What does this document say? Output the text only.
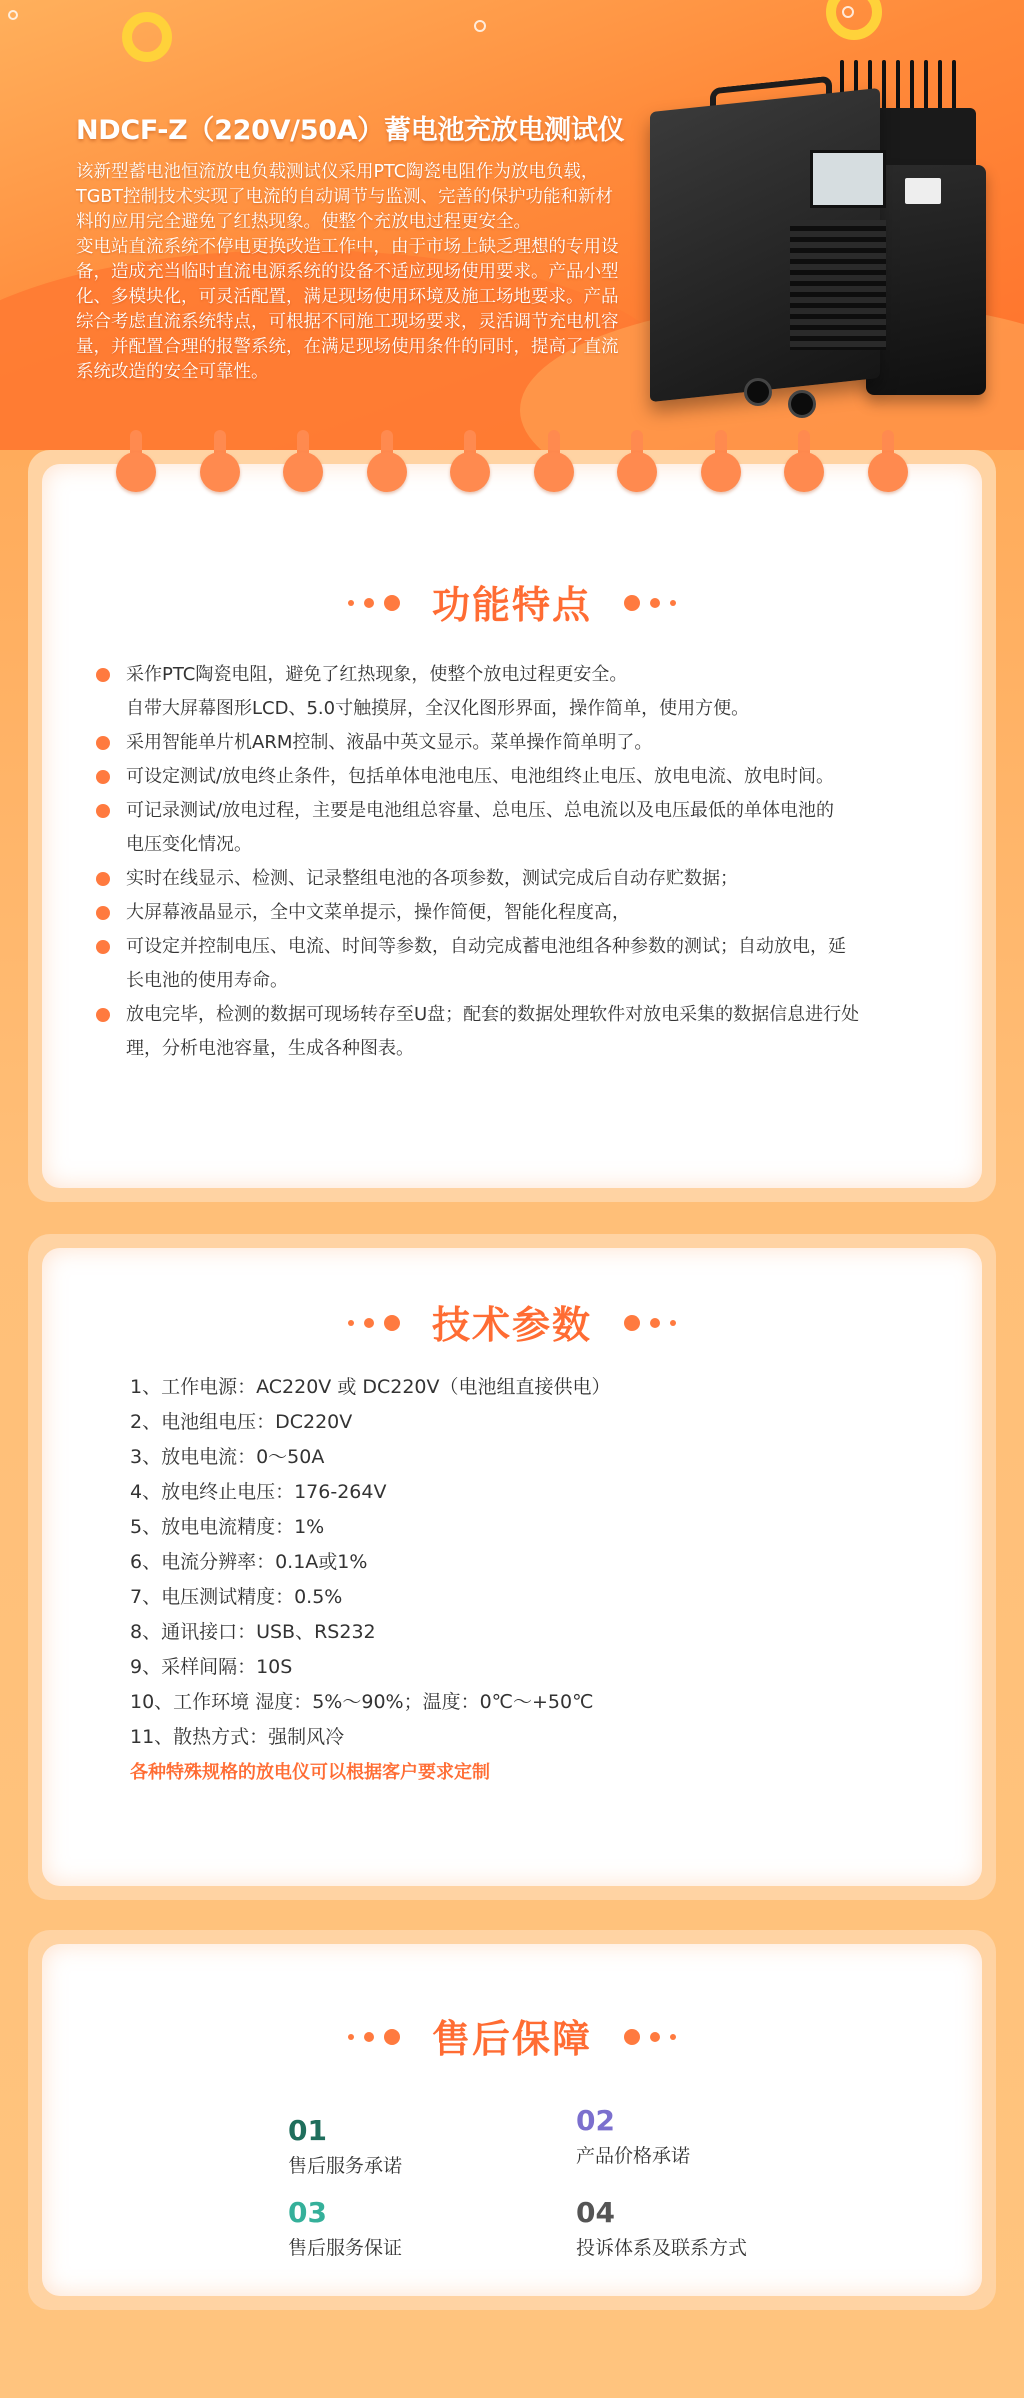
NDCF-Z（220V/50A）蓄电池充放电测试仪

该新型蓄电池恒流放电负载测试仪采用PTC陶瓷电阻作为放电负载，
TGBT控制技术实现了电流的自动调节与监测、完善的保护功能和新材
料的应用完全避免了红热现象。使整个充放电过程更安全。
变电站直流系统不停电更换改造工作中，由于市场上缺乏理想的专用设
备，造成充当临时直流电源系统的设备不适应现场使用要求。产品小型
化、多模块化，可灵活配置，满足现场使用环境及施工场地要求。产品
综合考虑直流系统特点，可根据不同施工现场要求，灵活调节充电机容
量，并配置合理的报警系统，在满足现场使用条件的同时，提高了直流
系统改造的安全可靠性。

功能特点
采作PTC陶瓷电阻，避免了红热现象，使整个放电过程更安全。
自带大屏幕图形LCD、5.0寸触摸屏，全汉化图形界面，操作简单，使用方便。
采用智能单片机ARM控制、液晶中英文显示。菜单操作简单明了。
可设定测试/放电终止条件，包括单体电池电压、电池组终止电压、放电电流、放电时间。
可记录测试/放电过程，主要是电池组总容量、总电压、总电流以及电压最低的单体电池的
电压变化情况。
实时在线显示、检测、记录整组电池的各项参数，测试完成后自动存贮数据；
大屏幕液晶显示，全中文菜单提示，操作简便，智能化程度高，
可设定并控制电压、电流、时间等参数，自动完成蓄电池组各种参数的测试；自动放电，延
长电池的使用寿命。
放电完毕，检测的数据可现场转存至U盘；配套的数据处理软件对放电采集的数据信息进行处
理，分析电池容量，生成各种图表。
技术参数
1、工作电源：AC220V 或 DC220V（电池组直接供电）
2、电池组电压：DC220V
3、放电电流：0～50A
4、放电终止电压：176-264V
5、放电电流精度：1%
6、电流分辨率：0.1A或1%
7、电压测试精度：0.5%
8、通讯接口：USB、RS232
9、采样间隔：10S
10、工作环境 湿度：5%～90%；温度：0℃～+50℃
11、散热方式：强制风冷

各种特殊规格的放电仪可以根据客户要求定制

售后保障
01
售后服务承诺
02
产品价格承诺
03
售后服务保证
04
投诉体系及联系方式
